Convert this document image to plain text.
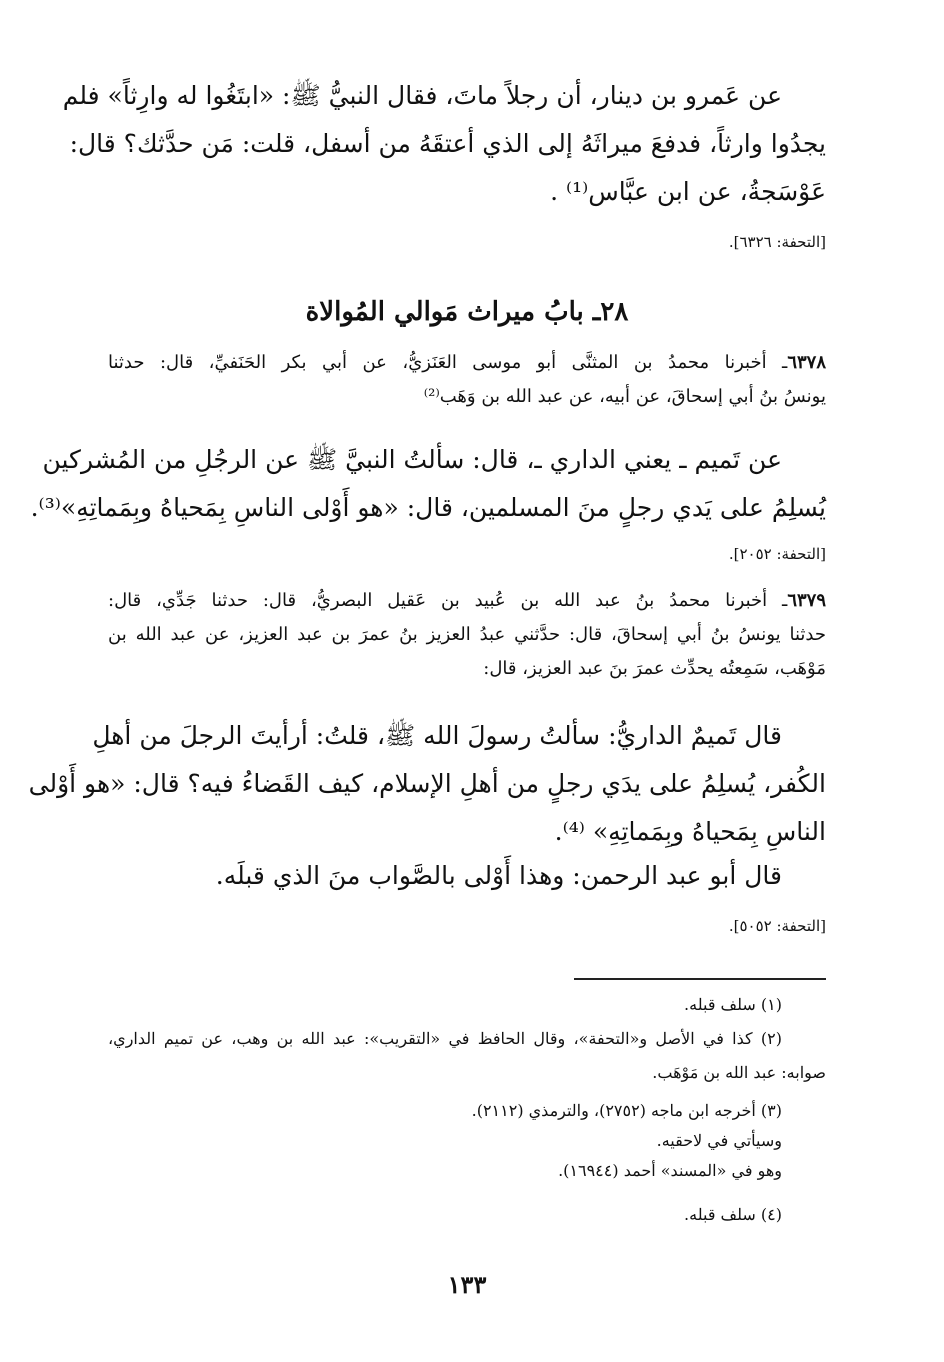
عن عَمرو بن دينار، أن رجلاً ماتَ، فقال النبيُّ ﷺ: «ابتَغُوا له وارِثاً» فلم
يجدُوا وارثاً، فدفعَ ميراثَهُ إلى الذي أعتقَهُ من أسفل، قلت: مَن حدَّثك؟ قال:
عَوْسَجةُ، عن ابن عبَّاس⁽¹⁾ .
[التحفة: ٦٣٢٦].
٢٨ـ بابُ ميراث مَوالي المُوالاة
٦٣٧٨ـ أخبرنا محمدُ بن المثنَّى أبو موسى العَنَزيُّ، عن أبي بكر الحَنَفيِّ، قال: حدثنا
يونسُ بنُ أبي إسحاقَ، عن أبيه، عن عبد الله بن وَهَب⁽²⁾
عن تَميم ـ يعني الداري ـ، قال: سألتُ النبيَّ ﷺ عن الرجُلِ من المُشركين
يُسلِمُ على يَدي رجلٍ منَ المسلمين، قال: «هو أَوْلى الناسِ بِمَحياهُ وبِمَماتِهِ»⁽³⁾.
[التحفة: ٢٠٥٢].
٦٣٧٩ـ أخبرنا محمدُ بنُ عبد الله بن عُبيد بن عَقيل البصريُّ، قال: حدثنا جَدِّي، قال:
حدثنا يونسُ بنُ أبي إسحاقَ، قال: حدَّثني عبدُ العزيز بنُ عمرَ بن عبد العزيز، عن عبد الله بن
مَوْهَب، سَمِعتُه يحدِّث عمرَ بنَ عبد العزيز، قال:
قال تَميمٌ الداريُّ: سألتُ رسولَ الله ﷺ، قلتُ: أرأيتَ الرجلَ من أهلِ
الكُفر، يُسلِمُ على يدَي رجلٍ من أهلِ الإسلام، كيف القَضاءُ فيه؟ قال: «هو أَوْلى
الناسِ بِمَحياهُ وبِمَماتِهِ» ⁽⁴⁾.
قال أبو عبد الرحمن: وهذا أَوْلى بالصَّواب منَ الذي قبلَه.
[التحفة: ٥٠٥٢].
(١) سلف قبله.
(٢) كذا في الأصل و«التحفة»، وقال الحافظ في «التقريب»: عبد الله بن وهب، عن تميم الداري،
صوابه: عبد الله بن مَوْهَب.
(٣) أخرجه ابن ماجه (٢٧٥٢)، والترمذي (٢١١٢).
وسيأتي في لاحقيه.
وهو في «المسند» أحمد (١٦٩٤٤).
(٤) سلف قبله.
١٣٣
